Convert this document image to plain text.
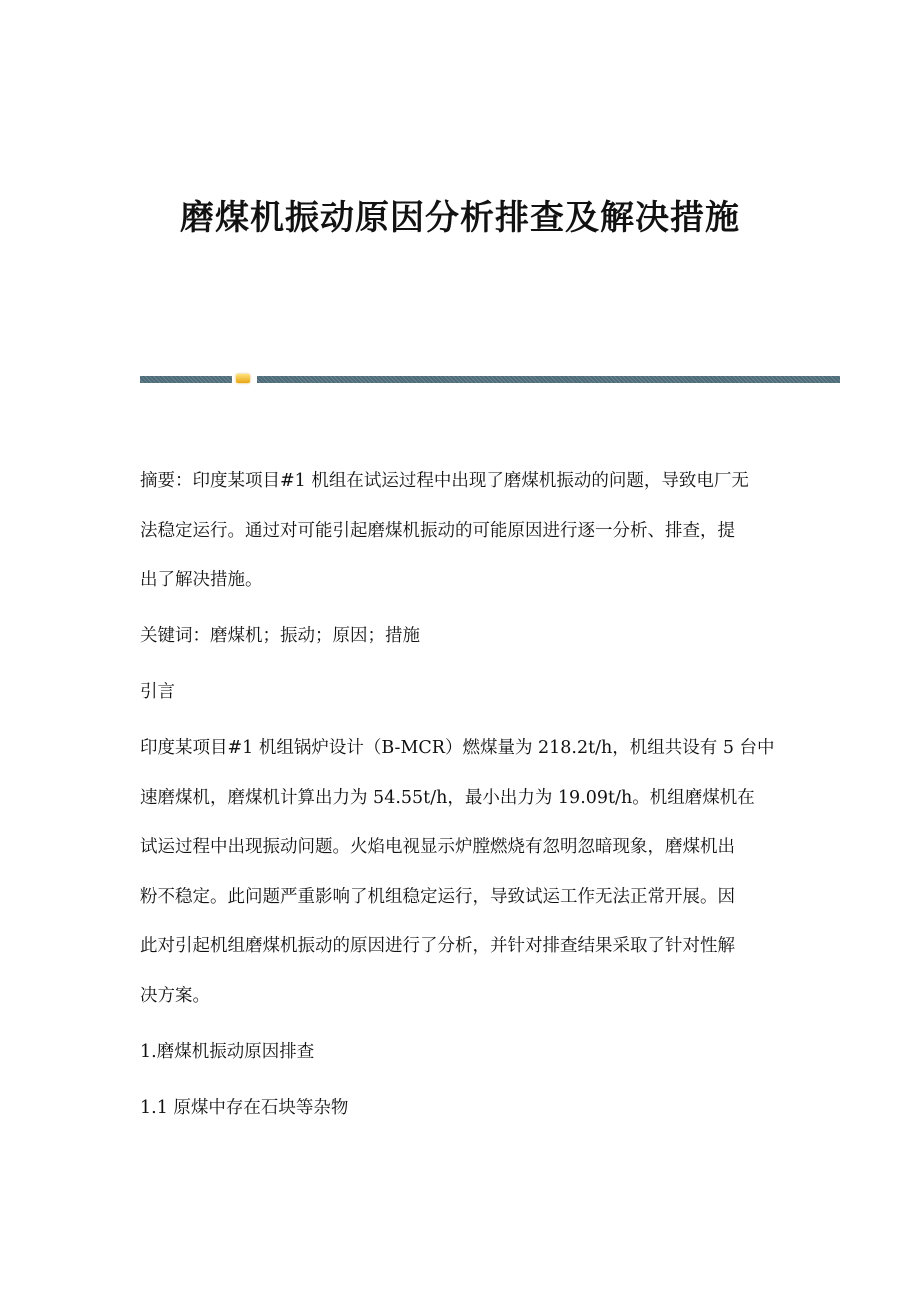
磨煤机振动原因分析排查及解决措施
摘要：印度某项目#1 机组在试运过程中出现了磨煤机振动的问题，导致电厂无
法稳定运行。通过对可能引起磨煤机振动的可能原因进行逐一分析、排查，提
出了解决措施。
关键词：磨煤机；振动；原因；措施
引言
印度某项目#1 机组锅炉设计（B-MCR）燃煤量为 218.2t/h，机组共设有 5 台中
速磨煤机，磨煤机计算出力为 54.55t/h，最小出力为 19.09t/h。机组磨煤机在
试运过程中出现振动问题。火焰电视显示炉膛燃烧有忽明忽暗现象，磨煤机出
粉不稳定。此问题严重影响了机组稳定运行，导致试运工作无法正常开展。因
此对引起机组磨煤机振动的原因进行了分析，并针对排查结果采取了针对性解
决方案。
1.磨煤机振动原因排查
1.1 原煤中存在石块等杂物
